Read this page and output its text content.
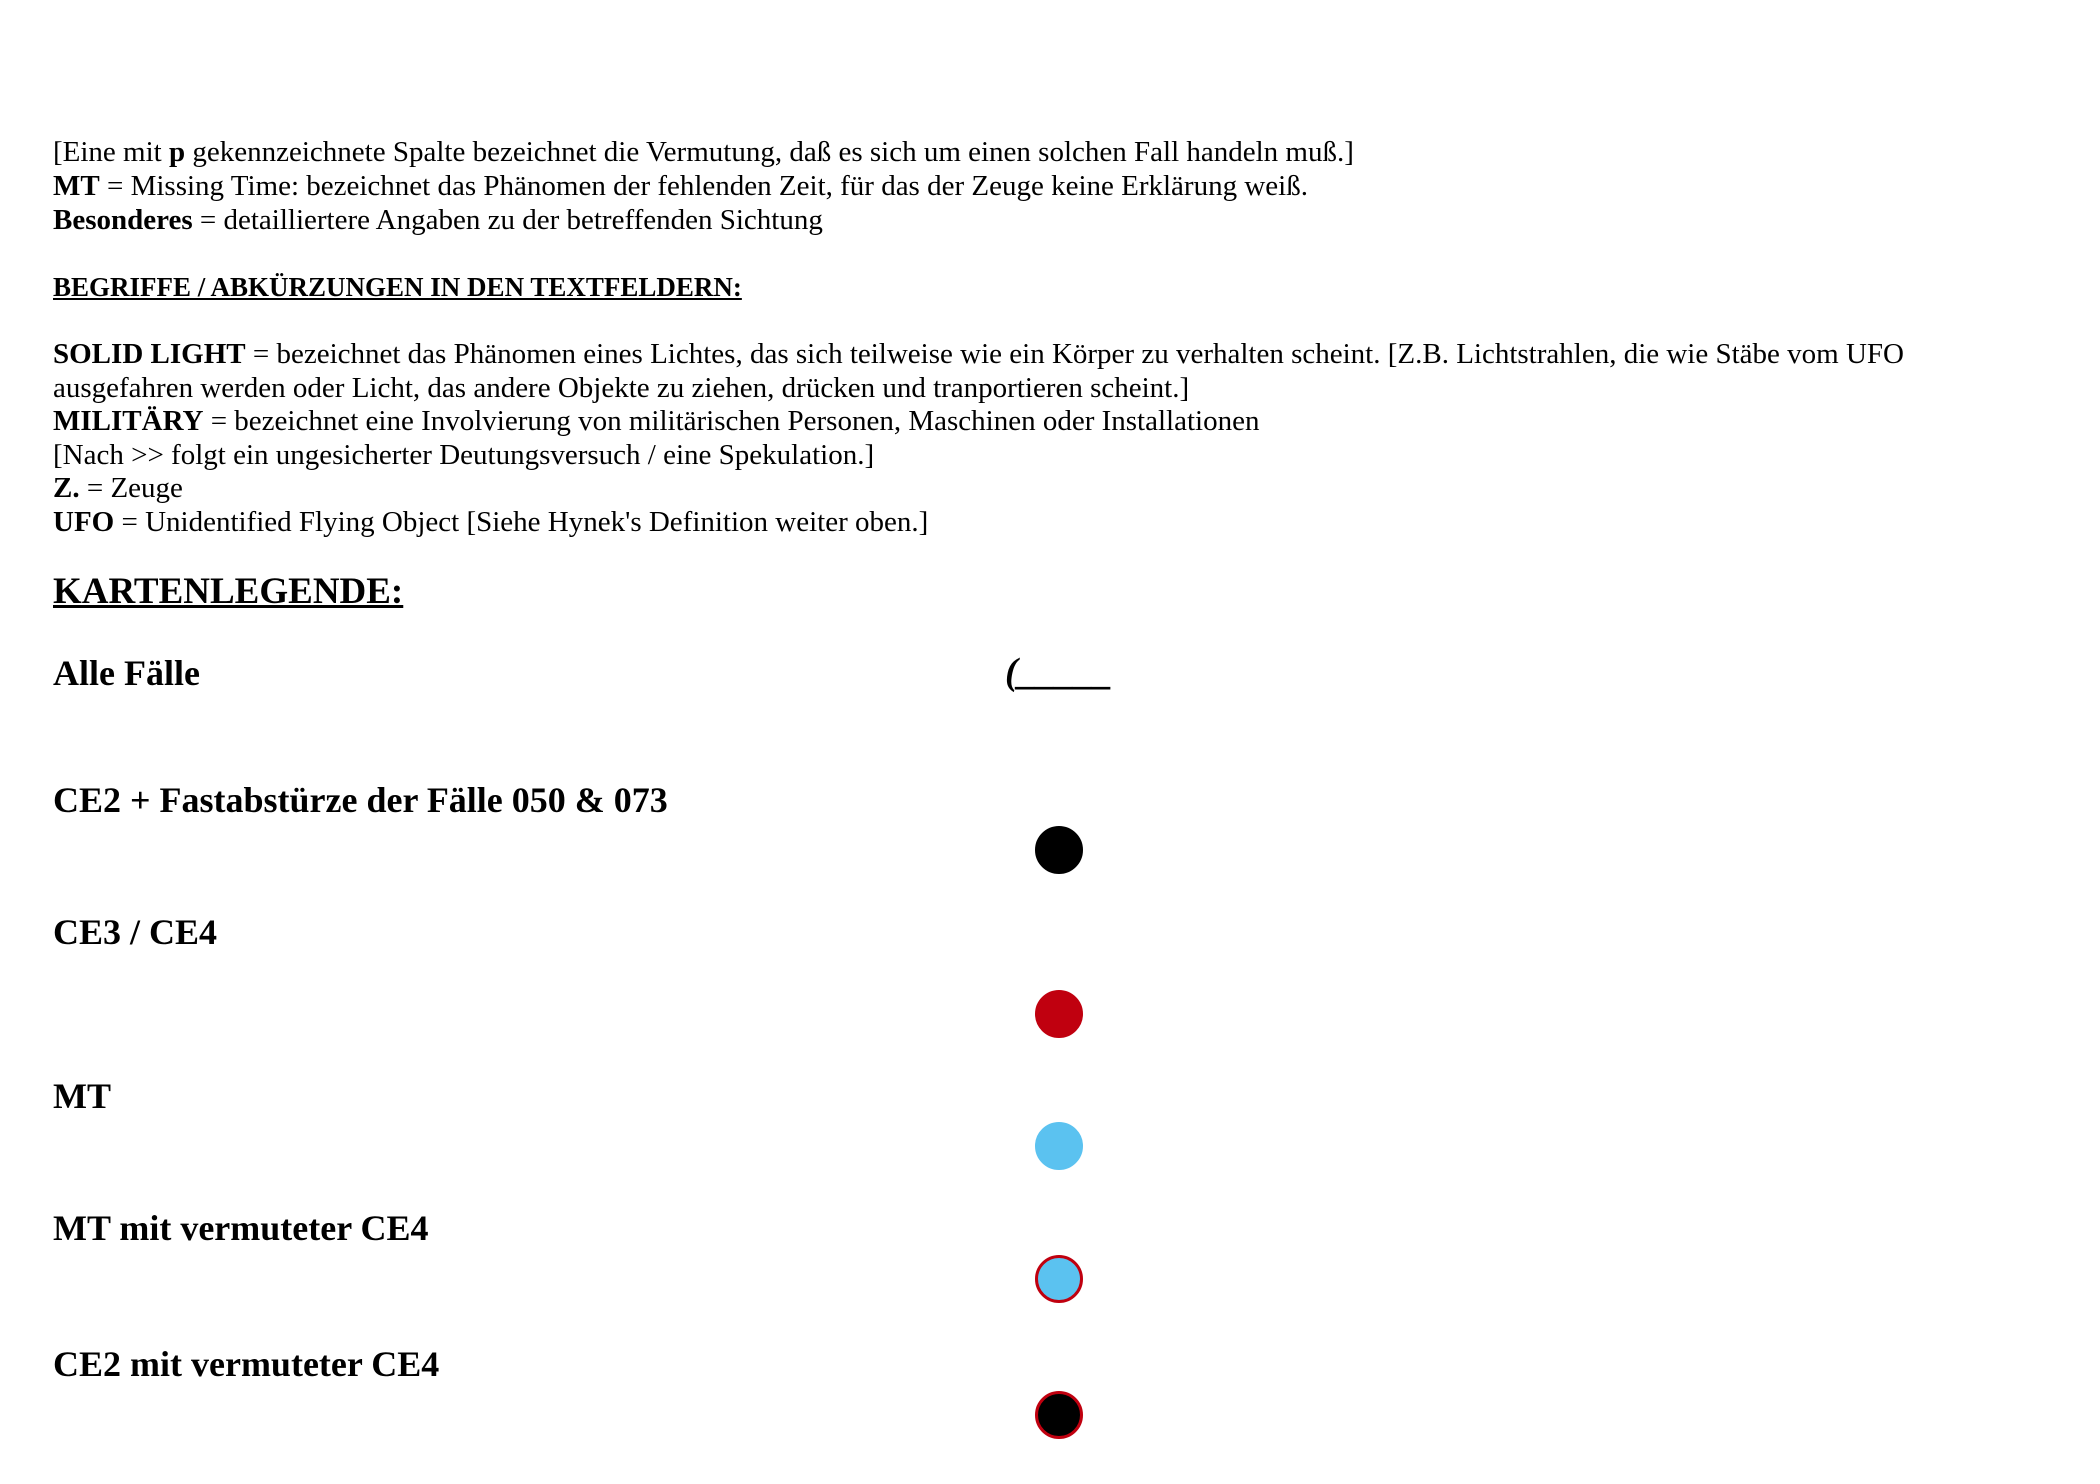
[Eine mit p gekennzeichnete Spalte bezeichnet die Vermutung, daß es sich um einen solchen Fall handeln muß.]
MT = Missing Time: bezeichnet das Phänomen der fehlenden Zeit, für das der Zeuge keine Erklärung weiß.
Besonderes = detailliertere Angaben zu der betreffenden Sichtung
BEGRIFFE / ABKÜRZUNGEN IN DEN TEXTFELDERN:
SOLID LIGHT = bezeichnet das Phänomen eines Lichtes, das sich teilweise wie ein Körper zu verhalten scheint. [Z.B. Lichtstrahlen, die wie Stäbe vom UFO
ausgefahren werden oder Licht, das andere Objekte zu ziehen, drücken und tranportieren scheint.]
MILITÄRY = bezeichnet eine Involvierung von militärischen Personen, Maschinen oder Installationen
[Nach >> folgt ein ungesicherter Deutungsversuch / eine Spekulation.]
Z. = Zeuge
UFO = Unidentified Flying Object [Siehe Hynek's Definition weiter oben.]
KARTENLEGENDE:
Alle Fälle	(_____
CE2 + Fastabstürze der Fälle 050 & 073
CE3 / CE4
MT
MT mit vermuteter CE4
CE2 mit vermuteter CE4
